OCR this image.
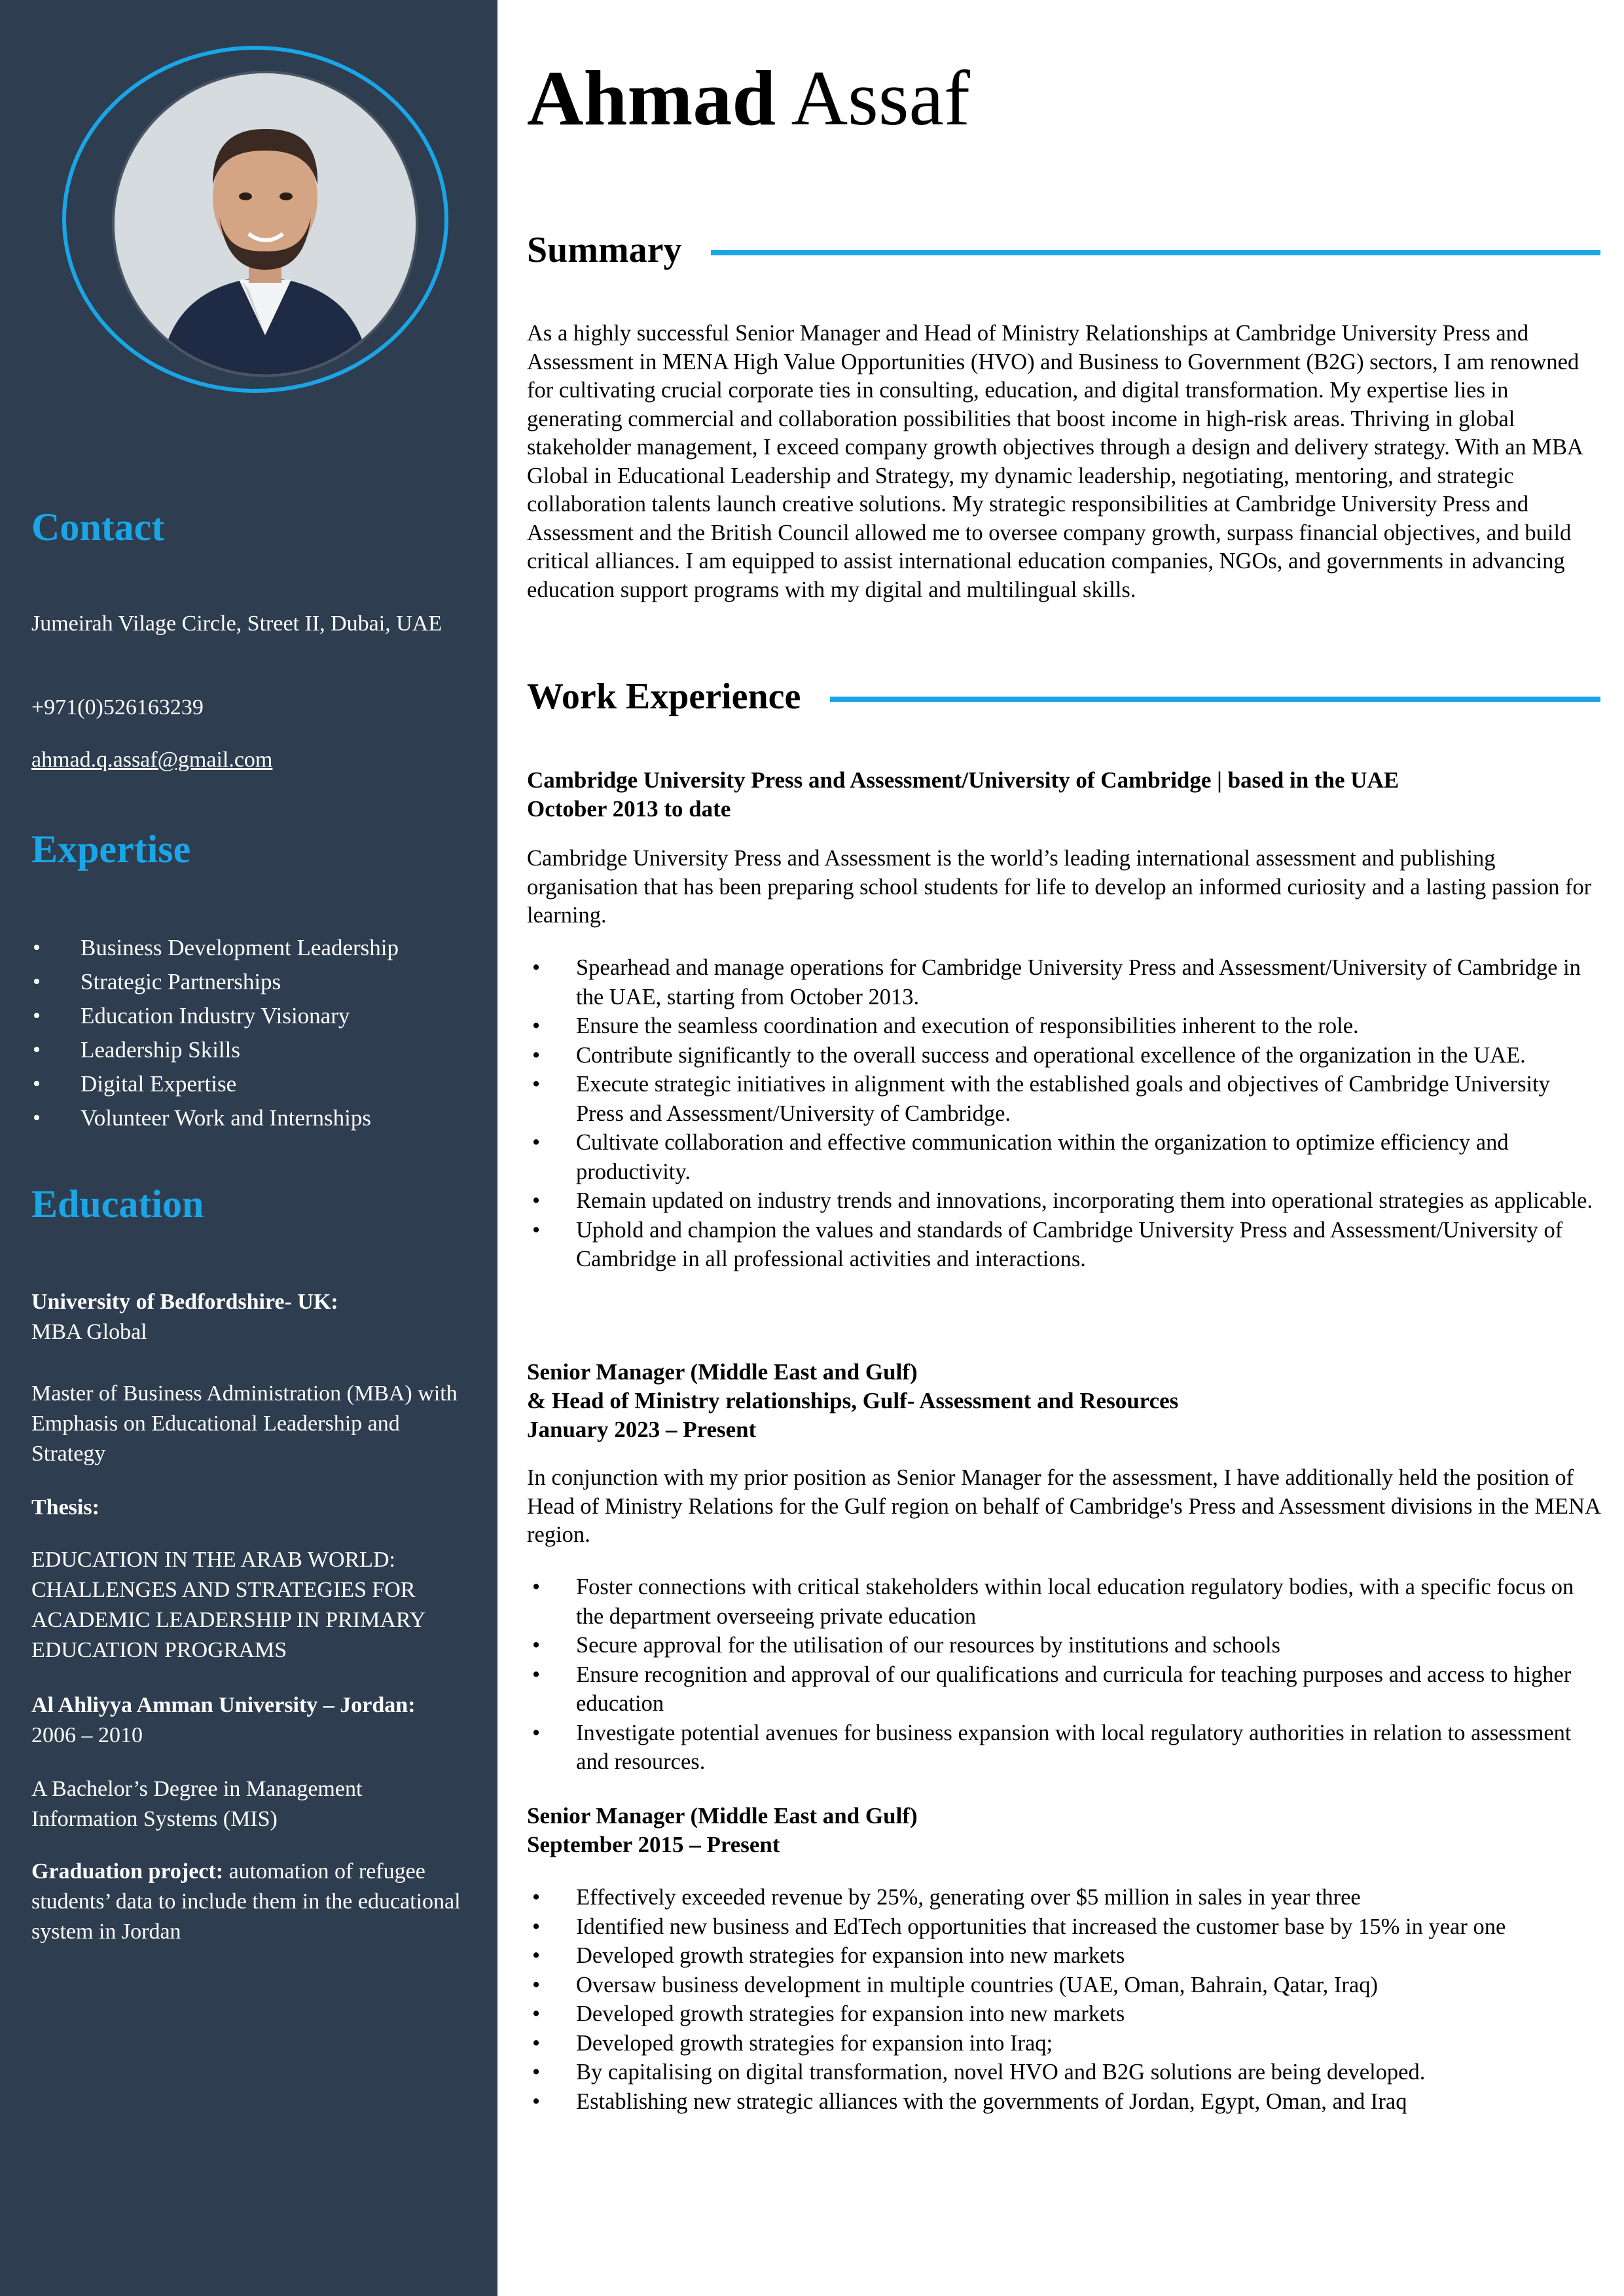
Contact

Jumeirah Vilage Circle, Street II, Dubai, UAE

+971(0)526163239

ahmad.q.assaf@gmail.com

Expertise
• Business Development Leadership
• Strategic Partnerships
• Education Industry Visionary
• Leadership Skills
• Digital Expertise
• Volunteer Work and Internships
Education

University of Bedfordshire- UK:

MBA Global

Master of Business Administration (MBA) with Emphasis on Educational Leadership and Strategy

Thesis:

EDUCATION IN THE ARAB WORLD: CHALLENGES AND STRATEGIES FOR ACADEMIC LEADERSHIP IN PRIMARY EDUCATION PROGRAMS

Al Ahliyya Amman University – Jordan:

2006 – 2010

A Bachelor’s Degree in Management Information Systems (MIS)

Graduation project: automation of refugee students’ data to include them in the educational system in Jordan

Ahmad Assaf
Summary

As a highly successful Senior Manager and Head of Ministry Relationships at Cambridge University Press and Assessment in MENA High Value Opportunities (HVO) and Business to Government (B2G) sectors, I am renowned for cultivating crucial corporate ties in consulting, education, and digital transformation. My expertise lies in generating commercial and collaboration possibilities that boost income in high-risk areas. Thriving in global stakeholder management, I exceed company growth objectives through a design and delivery strategy. With an MBA Global in Educational Leadership and Strategy, my dynamic leadership, negotiating, mentoring, and strategic collaboration talents launch creative solutions. My strategic responsibilities at Cambridge University Press and Assessment and the British Council allowed me to oversee company growth, surpass financial objectives, and build critical alliances. I am equipped to assist international education companies, NGOs, and governments in advancing education support programs with my digital and multilingual skills.

Work Experience

Cambridge University Press and Assessment/University of Cambridge | based in the UAE

October 2013 to date

Cambridge University Press and Assessment is the world’s leading international assessment and publishing organisation that has been preparing school students for life to develop an informed curiosity and a lasting passion for learning.

• Spearhead and manage operations for Cambridge University Press and Assessment/University of Cambridge in the UAE, starting from October 2013.
• Ensure the seamless coordination and execution of responsibilities inherent to the role.
• Contribute significantly to the overall success and operational excellence of the organization in the UAE.
• Execute strategic initiatives in alignment with the established goals and objectives of Cambridge University Press and Assessment/University of Cambridge.
• Cultivate collaboration and effective communication within the organization to optimize efficiency and productivity.
• Remain updated on industry trends and innovations, incorporating them into operational strategies as applicable.
• Uphold and champion the values and standards of Cambridge University Press and Assessment/University of Cambridge in all professional activities and interactions.

Senior Manager (Middle East and Gulf)

& Head of Ministry relationships, Gulf- Assessment and Resources

January 2023 – Present

In conjunction with my prior position as Senior Manager for the assessment, I have additionally held the position of Head of Ministry Relations for the Gulf region on behalf of Cambridge's Press and Assessment divisions in the MENA region.

• Foster connections with critical stakeholders within local education regulatory bodies, with a specific focus on the department overseeing private education
• Secure approval for the utilisation of our resources by institutions and schools
• Ensure recognition and approval of our qualifications and curricula for teaching purposes and access to higher education
• Investigate potential avenues for business expansion with local regulatory authorities in relation to assessment and resources.

Senior Manager (Middle East and Gulf)

September 2015 – Present

• Effectively exceeded revenue by 25%, generating over $5 million in sales in year three
• Identified new business and EdTech opportunities that increased the customer base by 15% in year one
• Developed growth strategies for expansion into new markets
• Oversaw business development in multiple countries (UAE, Oman, Bahrain, Qatar, Iraq)
• Developed growth strategies for expansion into new markets
• Developed growth strategies for expansion into Iraq;
• By capitalising on digital transformation, novel HVO and B2G solutions are being developed.
• Establishing new strategic alliances with the governments of Jordan, Egypt, Oman, and Iraq
